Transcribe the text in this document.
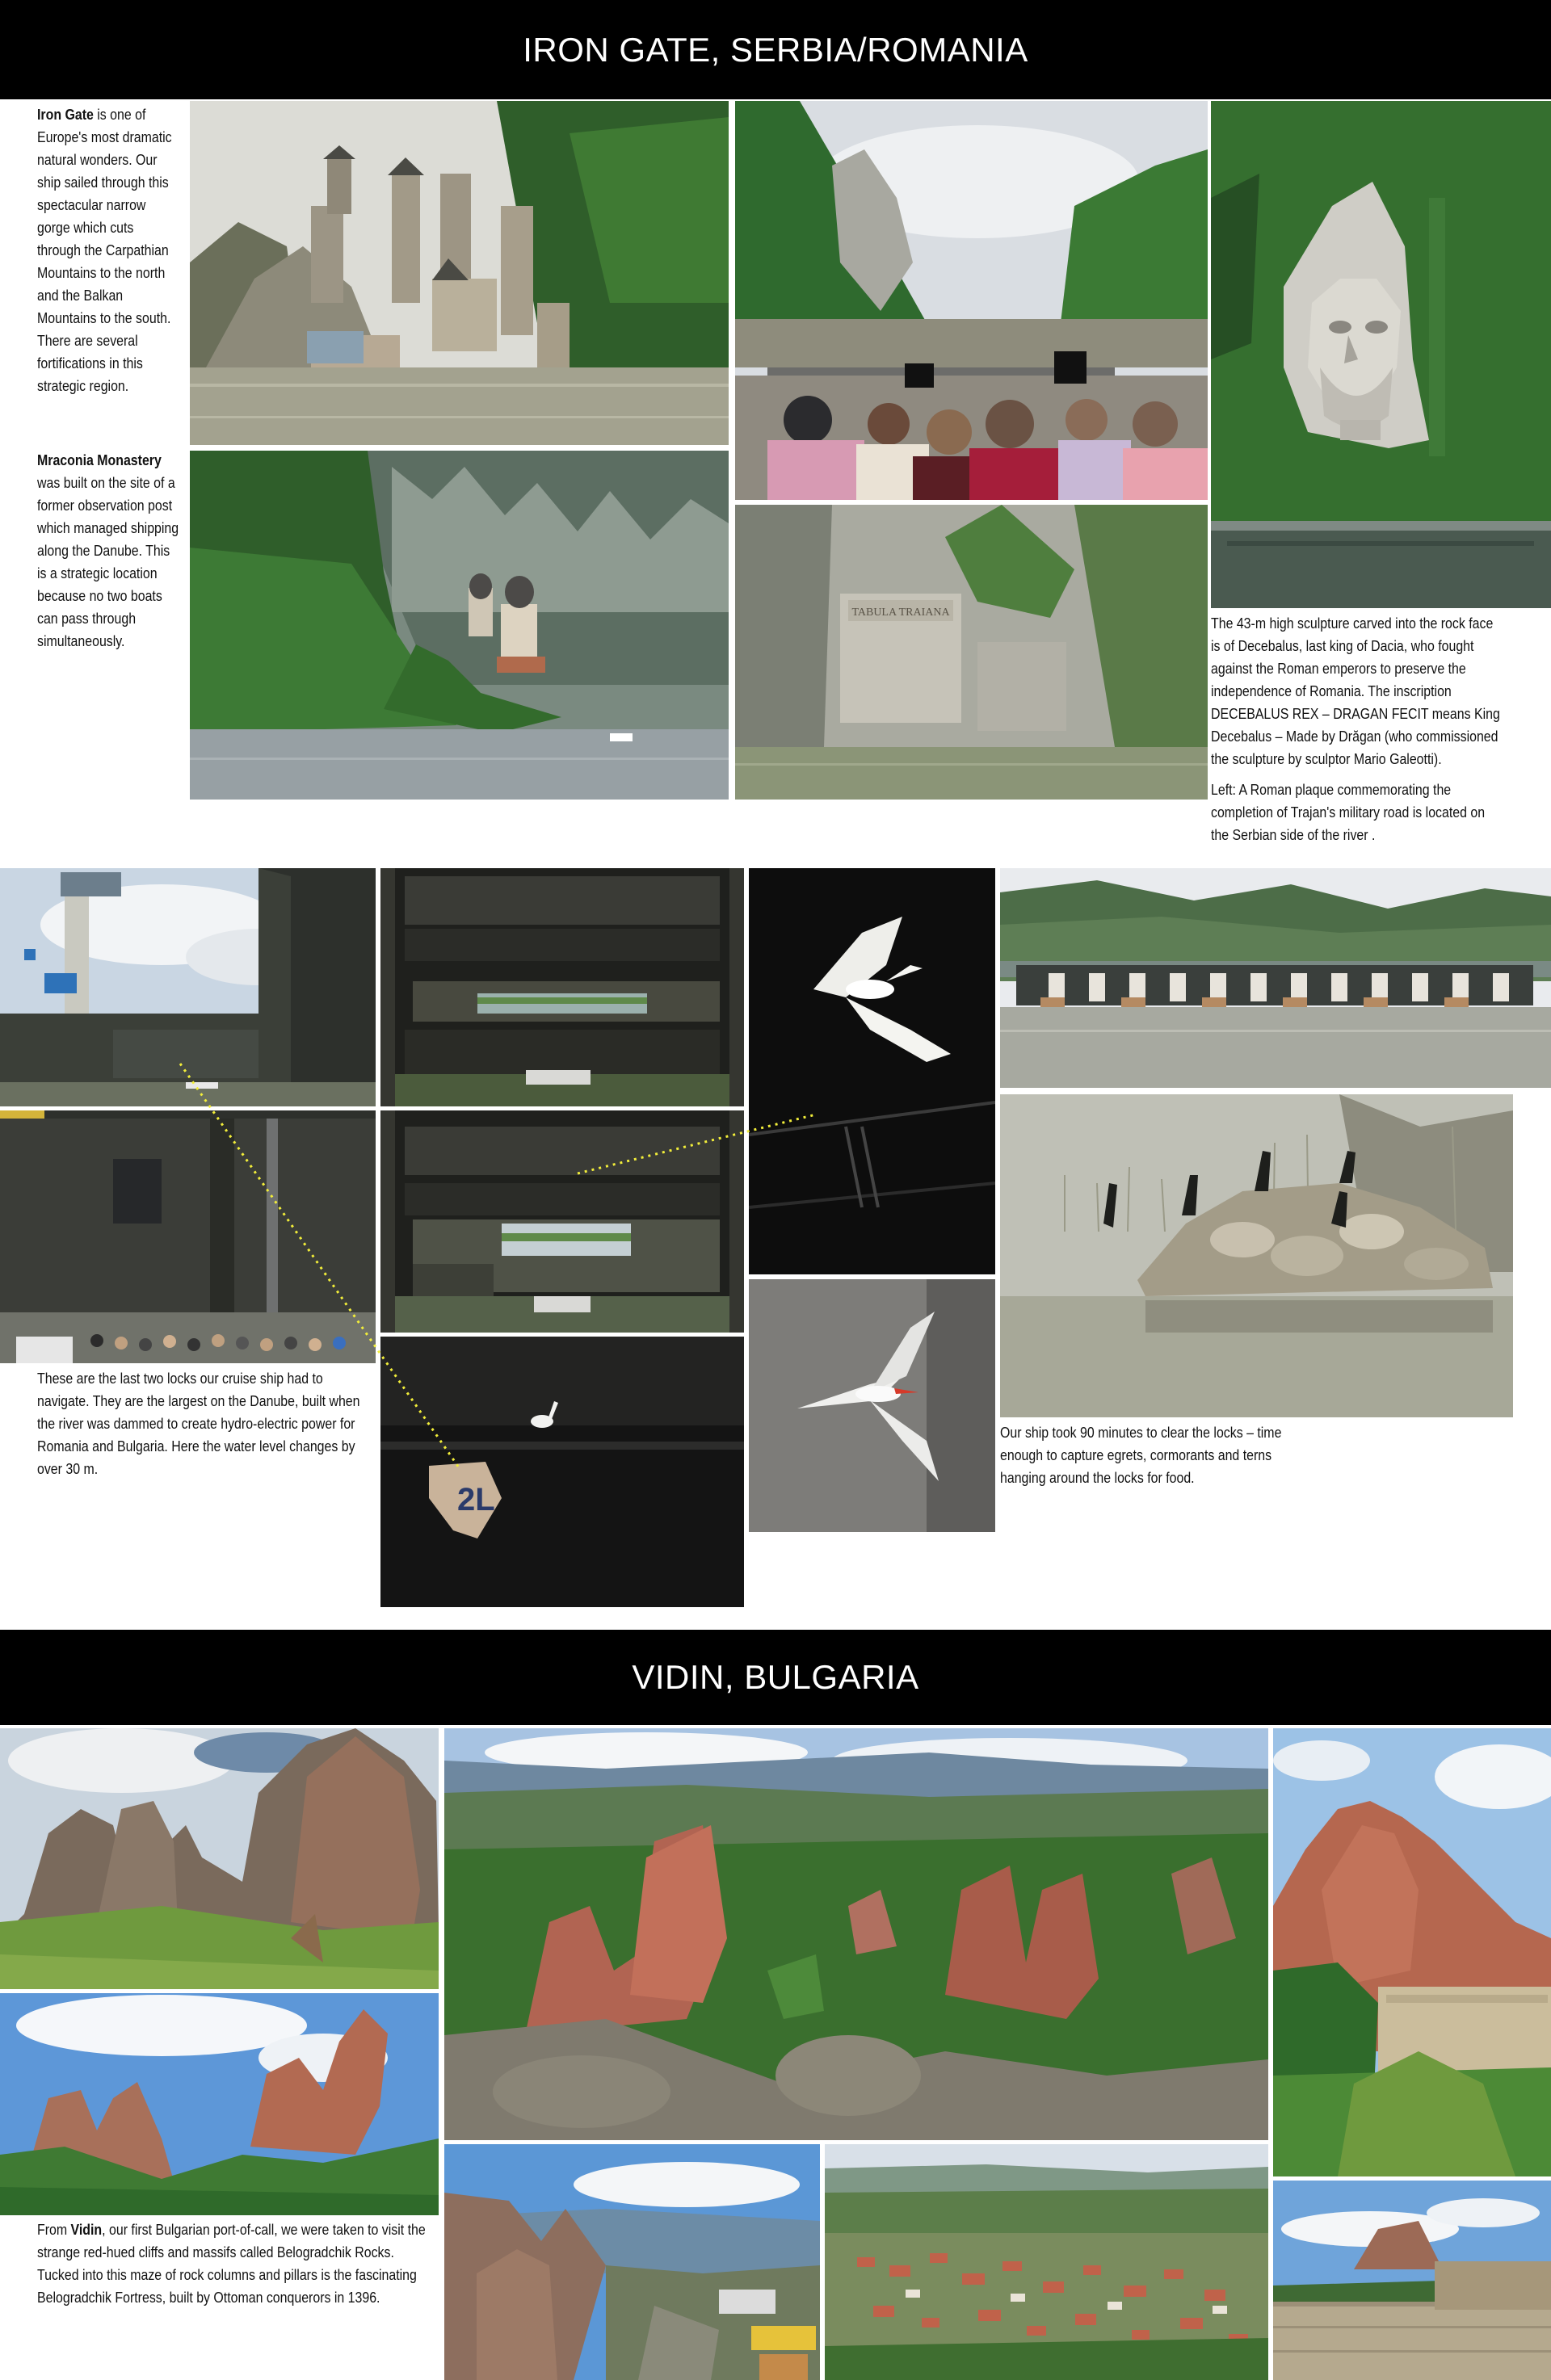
IRON GATE, SERBIA/ROMANIA
Iron Gate is one of Europe's most dramatic natural wonders. Our ship sailed through this spectacular narrow gorge which cuts through the Carpathian Mountains to the north and the Balkan Mountains to the south. There are several fortifications in this strategic region.
Mraconia Monastery was built on the site of a former observation post which managed shipping along the Danube. This is a strategic location because no two boats can pass through simultaneously.
TABULA TRAIANA

The 43-m high sculpture carved into the rock face is of Decebalus, last king of Dacia, who fought against the Roman emperors to preserve the independence of Romania. The inscription DECEBALUS REX – DRAGAN FECIT means King Decebalus – Made by Drăgan (who commissioned the sculpture by sculptor Mario Galeotti).

Left: A Roman plaque commemorating the completion of Trajan's military road is located on the Serbian side of the river .

2L
These are the last two locks our cruise ship had to navigate. They are the largest on the Danube, built when the river was dammed to create hydro-electric power for Romania and Bulgaria. Here the water level changes by over 30 m.
Our ship took 90 minutes to clear the locks – time enough to capture egrets, cormorants and terns hanging around the locks for food.
VIDIN, BULGARIA
From Vidin, our first Bulgarian port-of-call, we were taken to visit the strange red-hued cliffs and massifs called Belogradchik Rocks. Tucked into this maze of rock columns and pillars is the fascinating Belogradchik Fortress, built by Ottoman conquerors in 1396.
